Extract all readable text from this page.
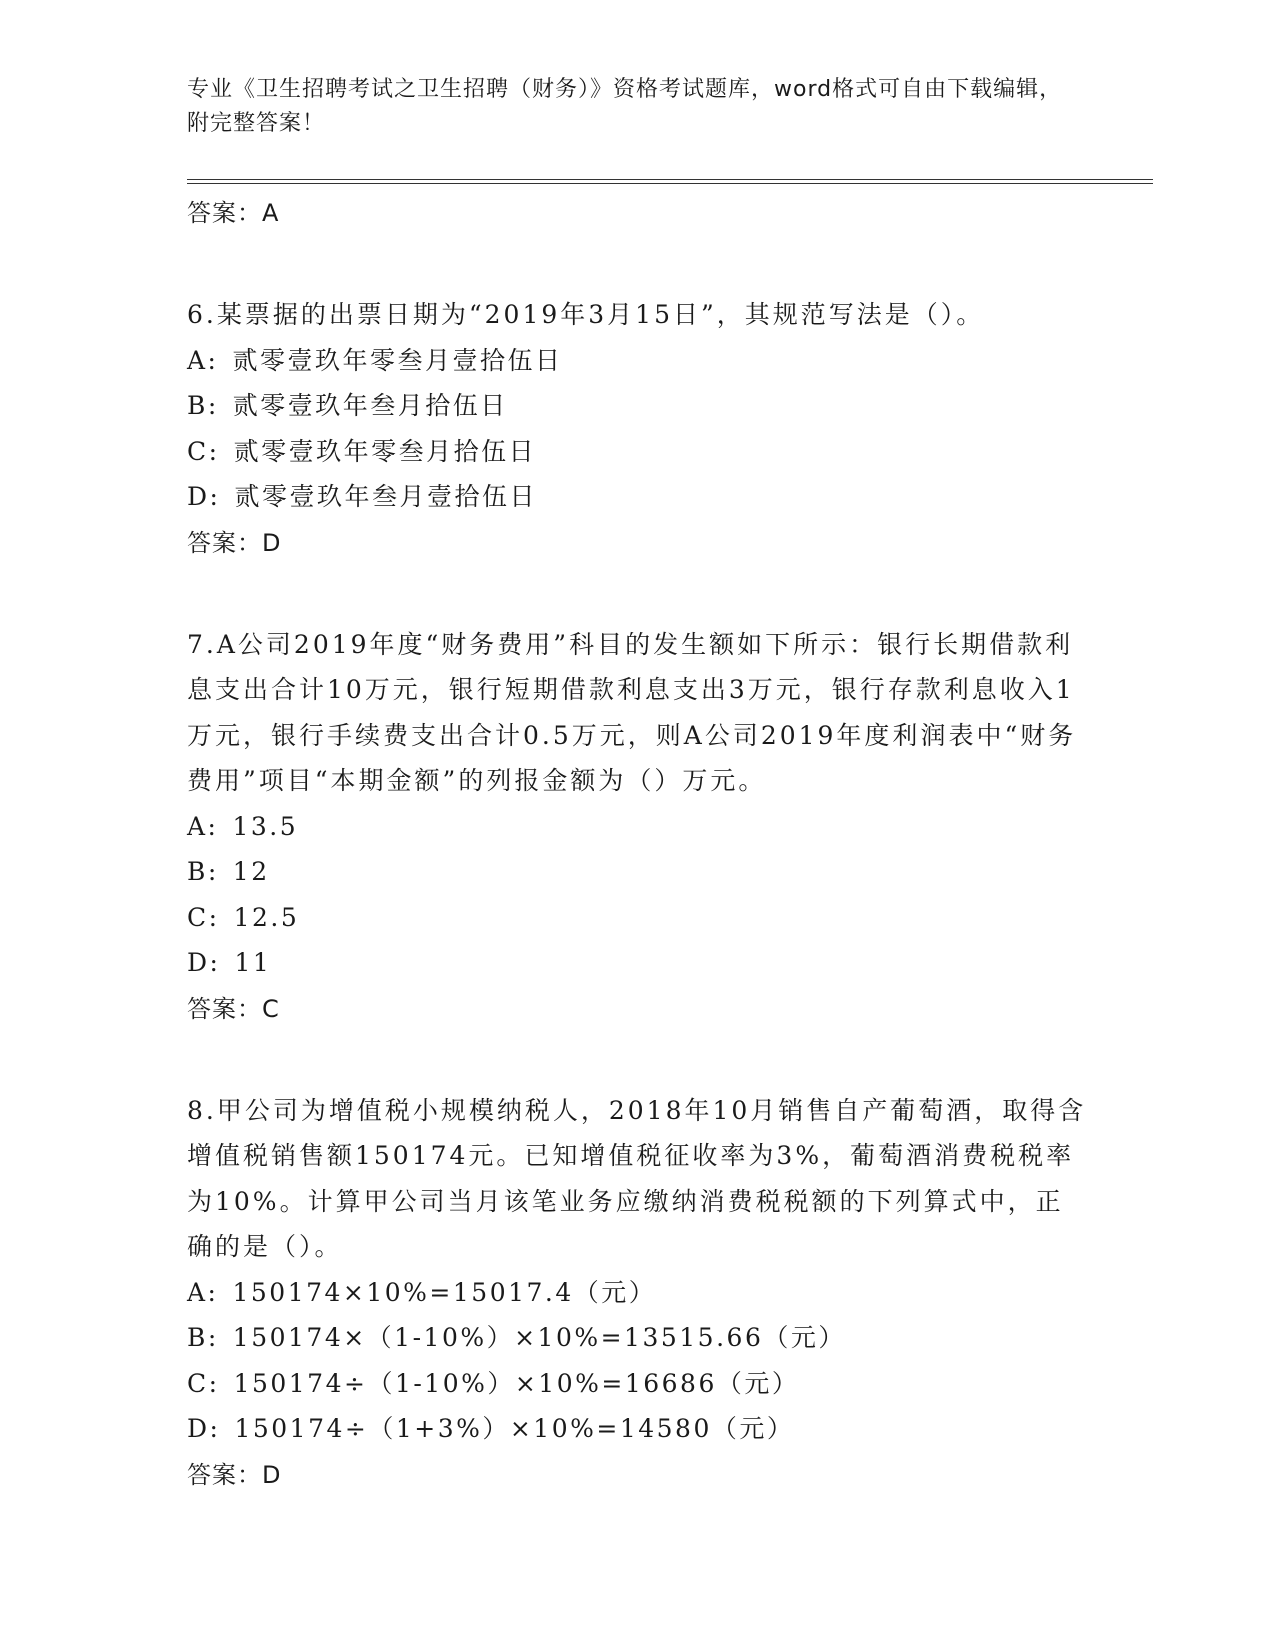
专业《卫生招聘考试之卫生招聘（财务）》资格考试题库，word格式可自由下载编辑，附完整答案！
答案：A
6.某票据的出票日期为“2019年3月15日”，其规范写法是（）。
A: 贰零壹玖年零叁月壹拾伍日
B: 贰零壹玖年叁月拾伍日
C: 贰零壹玖年零叁月拾伍日
D: 贰零壹玖年叁月壹拾伍日
答案：D
7.A公司2019年度“财务费用”科目的发生额如下所示：银行长期借款利息支出合计10万元，银行短期借款利息支出3万元，银行存款利息收入1万元，银行手续费支出合计0.5万元，则A公司2019年度利润表中“财务费用”项目“本期金额”的列报金额为（）万元。
A: 13.5
B: 12
C: 12.5
D: 11
答案：C
8.甲公司为增值税小规模纳税人，2018年10月销售自产葡萄酒，取得含增值税销售额150174元。已知增值税征收率为3%，葡萄酒消费税税率为10%。计算甲公司当月该笔业务应缴纳消费税税额的下列算式中，正确的是（）。
A: 150174×10%=15017.4（元）
B: 150174×（1-10%）×10%=13515.66（元）
C: 150174÷（1-10%）×10%=16686（元）
D: 150174÷（1+3%）×10%=14580（元）
答案：D
